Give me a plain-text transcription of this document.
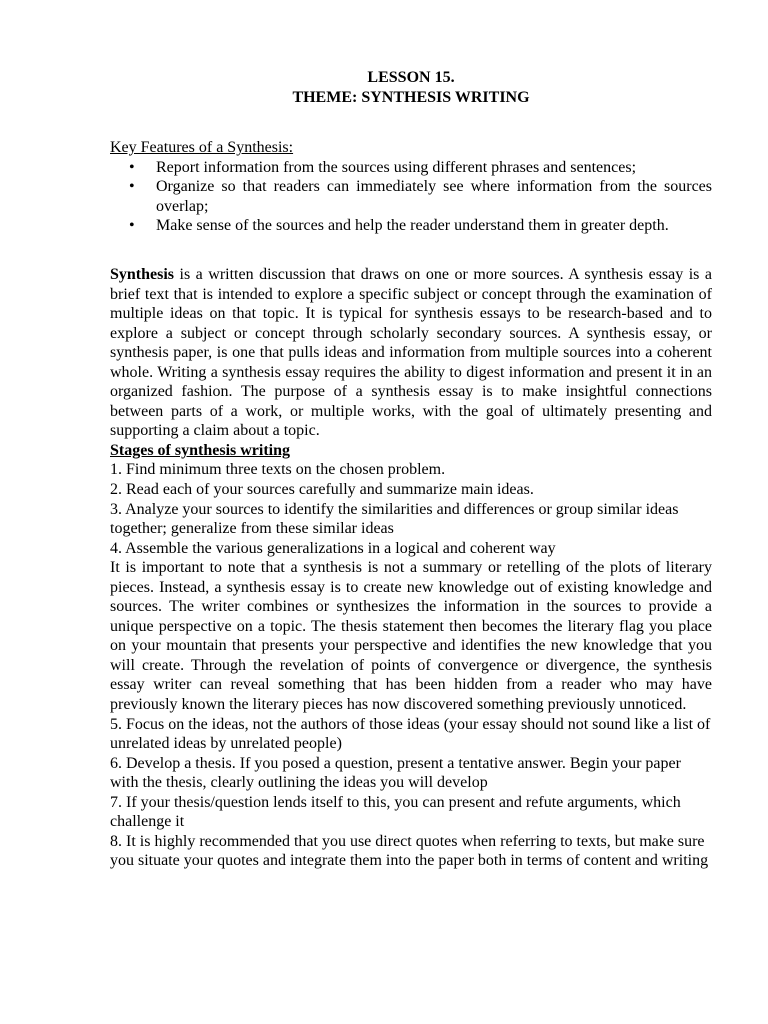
LESSON 15.

THEME: SYNTHESIS WRITING

Key Features of a Synthesis:
• Report information from the sources using different phrases and sentences;
• Organize so that readers can immediately see where information from the sources overlap;
• Make sense of the sources and help the reader understand them in greater depth.

Synthesis is a written discussion that draws on one or more sources. A synthesis essay is a brief text that is intended to explore a specific subject or concept through the examination of multiple ideas on that topic. It is typical for synthesis essays to be research-based and to explore a subject or concept through scholarly secondary sources. A synthesis essay, or synthesis paper, is one that pulls ideas and information from multiple sources into a coherent whole. Writing a synthesis essay requires the ability to digest information and present it in an organized fashion. The purpose of a synthesis essay is to make insightful connections between parts of a work, or multiple works, with the goal of ultimately presenting and supporting a claim about a topic.

Stages of synthesis writing

1. Find minimum three texts on the chosen problem.

2. Read each of your sources carefully and summarize main ideas.

3. Analyze your sources to identify the similarities and differences or group similar ideas together; generalize from these similar ideas

4. Assemble the various generalizations in a logical and coherent way

It is important to note that a synthesis is not a summary or retelling of the plots of literary pieces. Instead, a synthesis essay is to create new knowledge out of existing knowledge and sources. The writer combines or synthesizes the information in the sources to provide a unique perspective on a topic. The thesis statement then becomes the literary flag you place on your mountain that presents your perspective and identifies the new knowledge that you will create. Through the revelation of points of convergence or divergence, the synthesis essay writer can reveal something that has been hidden from a reader who may have previously known the literary pieces has now discovered something previously unnoticed.

5. Focus on the ideas, not the authors of those ideas (your essay should not sound like a list of unrelated ideas by unrelated people)

6. Develop a thesis. If you posed a question, present a tentative answer. Begin your paper with the thesis, clearly outlining the ideas you will develop

7. If your thesis/question lends itself to this, you can present and refute arguments, which challenge it

8. It is highly recommended that you use direct quotes when referring to texts, but make sure you situate your quotes and integrate them into the paper both in terms of content and writing
